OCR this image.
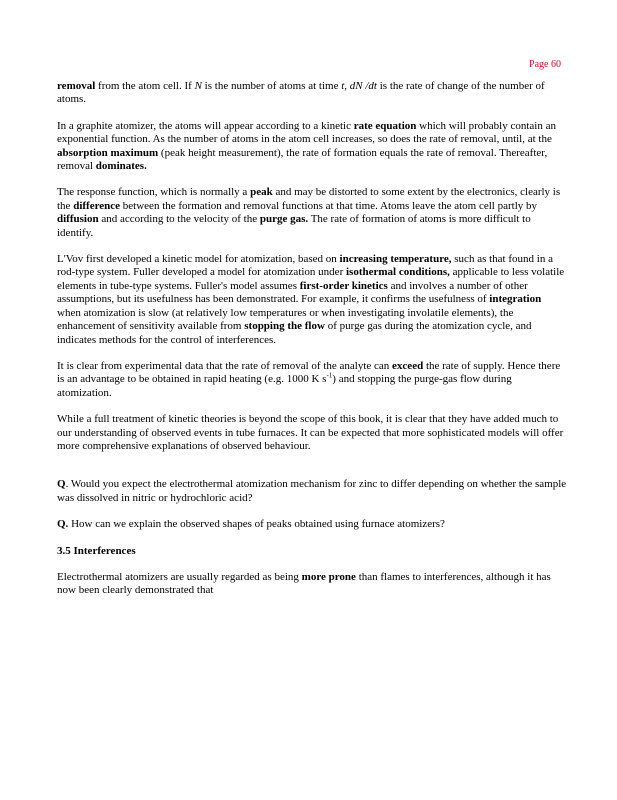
Page 60

removal from the atom cell. If N is the number of atoms at time t, dN /dt is the rate of change of the number of atoms.

In a graphite atomizer, the atoms will appear according to a kinetic rate equation which will probably contain an exponential function. As the number of atoms in the atom cell increases, so does the rate of removal, until, at the absorption maximum (peak height measurement), the rate of formation equals the rate of removal. Thereafter, removal dominates.

The response function, which is normally a peak and may be distorted to some extent by the electronics, clearly is the difference between the formation and removal functions at that time. Atoms leave the atom cell partly by diffusion and according to the velocity of the purge gas. The rate of formation of atoms is more difficult to identify.

L'Vov first developed a kinetic model for atomization, based on increasing temperature, such as that found in a rod-type system. Fuller developed a model for atomization under isothermal conditions, applicable to less volatile elements in tube-type systems. Fuller's model assumes first-order kinetics and involves a number of other assumptions, but its usefulness has been demonstrated. For example, it confirms the usefulness of integration when atomization is slow (at relatively low temperatures or when investigating involatile elements), the enhancement of sensitivity available from stopping the flow of purge gas during the atomization cycle, and indicates methods for the control of interferences.

It is clear from experimental data that the rate of removal of the analyte can exceed the rate of supply. Hence there is an advantage to be obtained in rapid heating (e.g. 1000 K $s^{-1}$) and stopping the purge-gas flow during atomization.

While a full treatment of kinetic theories is beyond the scope of this book, it is clear that they have added much to our understanding of observed events in tube furnaces. It can be expected that more sophisticated models will offer more comprehensive explanations of observed behaviour.

Q. Would you expect the electrothermal atomization mechanism for zinc to differ depending on whether the sample was dissolved in nitric or hydrochloric acid?

Q. How can we explain the observed shapes of peaks obtained using furnace atomizers?

3.5 Interferences

Electrothermal atomizers are usually regarded as being more prone than flames to interferences, although it has now been clearly demonstrated that
